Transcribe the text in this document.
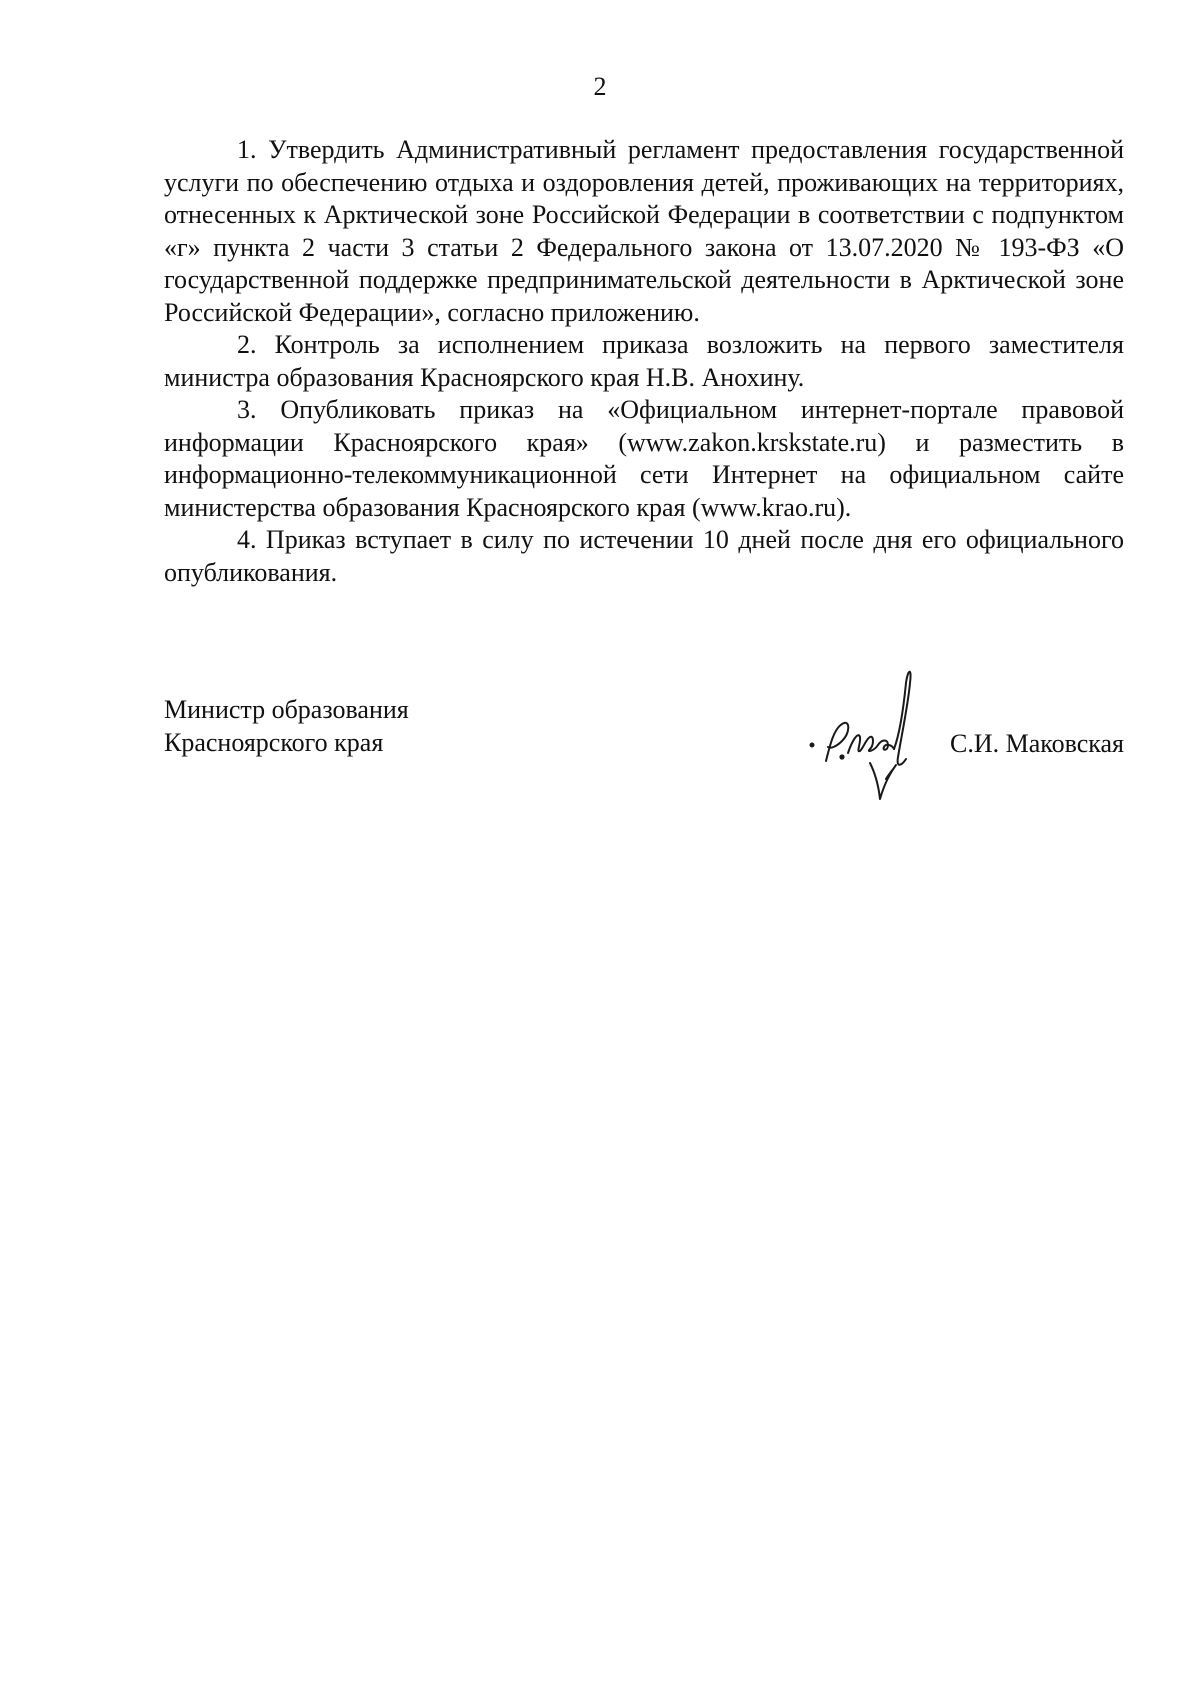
2

1. Утвердить Административный регламент предоставления государственной услуги по обеспечению отдыха и оздоровления детей, проживающих на территориях, отнесенных к Арктической зоне Российской Федерации в соответствии с подпунктом «г» пункта 2 части 3 статьи 2 Федерального закона от 13.07.2020 № 193-ФЗ «О государственной поддержке предпринимательской деятельности в Арктической зоне Российской Федерации», согласно приложению.

2. Контроль за исполнением приказа возложить на первого заместителя министра образования Красноярского края Н.В. Анохину.

3. Опубликовать приказ на «Официальном интернет-портале правовой информации Красноярского края» (www.zakon.krskstate.ru) и разместить в информационно-телекоммуникационной сети Интернет на официальном сайте министерства образования Красноярского края (www.krao.ru).

4. Приказ вступает в силу по истечении 10 дней после дня его официального опубликования.

Министр образования
Красноярского края	С.И. Маковская
